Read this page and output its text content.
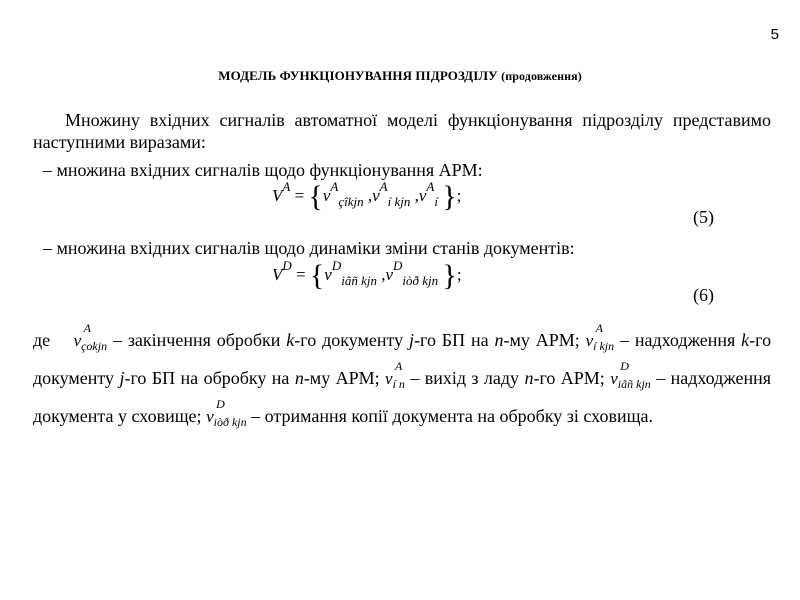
5
МОДЕЛЬ ФУНКЦІОНУВАННЯ ПІДРОЗДІЛУ (продовження)
Множину вхідних сигналів автоматної моделі функціонування підрозділу представимо наступними виразами:
– множина вхідних сигналів щодо функціонування АРМ:
$V^A = \{v^A_{çîkjn}$ $,v^A_{í kjn}$ $,v^A_í$ };
(5)
– множина вхідних сигналів щодо динаміки зміни станів документів:
$V^D = \{v^D_{iãñ kjn}$ $,v^D_{iòð kjn}$ };
(6)
де v
A
$_{çokjn}$ – закінчення обробки k-го документу j-го БП на n-му АРМ; v
A
$_{í kjn}$ – надходження k-го документу j-го БП на обробку на n-му АРМ; v
A
$_{í n}$ – вихід з ладу n-го АРМ; v
D
$_{iãñ kjn}$ – надходження документа у сховище; v
D
$_{iòð kjn}$ – отримання копії документа на обробку зі сховища.
